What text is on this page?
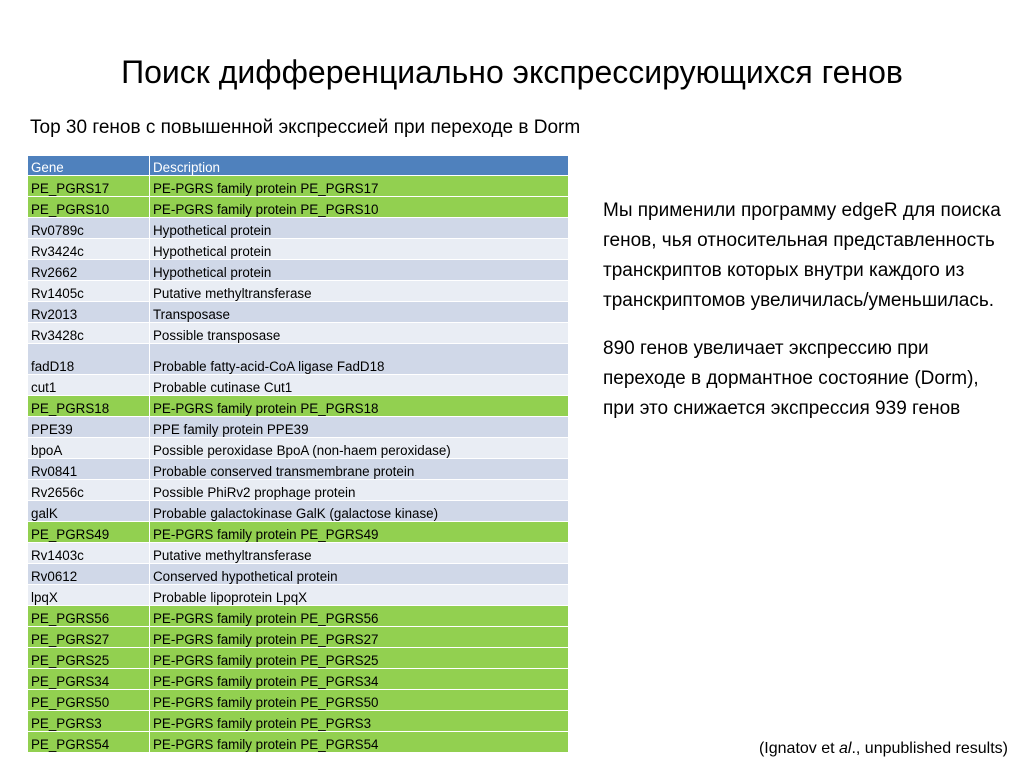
Поиск дифференциально экспрессирующихся генов
Top 30 генов с повышенной экспрессией при переходе в Dorm
Gene	Description
PE_PGRS17	PE-PGRS family protein PE_PGRS17
PE_PGRS10	PE-PGRS family protein PE_PGRS10
Rv0789c	Hypothetical protein
Rv3424c	Hypothetical protein
Rv2662	Hypothetical protein
Rv1405c	Putative methyltransferase
Rv2013	Transposase
Rv3428c	Possible transposase
fadD18	Probable fatty-acid-CoA ligase FadD18
cut1	Probable cutinase Cut1
PE_PGRS18	PE-PGRS family protein PE_PGRS18
PPE39	PPE family protein PPE39
bpoA	Possible peroxidase BpoA (non-haem peroxidase)
Rv0841	Probable conserved transmembrane protein
Rv2656c	Possible PhiRv2 prophage protein
galK	Probable galactokinase GalK (galactose kinase)
PE_PGRS49	PE-PGRS family protein PE_PGRS49
Rv1403c	Putative methyltransferase
Rv0612	Conserved hypothetical protein
lpqX	Probable lipoprotein LpqX
PE_PGRS56	PE-PGRS family protein PE_PGRS56
PE_PGRS27	PE-PGRS family protein PE_PGRS27
PE_PGRS25	PE-PGRS family protein PE_PGRS25
PE_PGRS34	PE-PGRS family protein PE_PGRS34
PE_PGRS50	PE-PGRS family protein PE_PGRS50
PE_PGRS3	PE-PGRS family protein PE_PGRS3
PE_PGRS54	PE-PGRS family protein PE_PGRS54

Мы применили программу edgeR для поиска генов, чья относительная представленность транскриптов которых внутри каждого из транскриптомов увеличилась/уменьшилась.

890 генов увеличает экспрессию при переходе в дормантное состояние (Dorm), при это снижается экспрессия 939 генов

(Ignatov et al., unpublished results)
